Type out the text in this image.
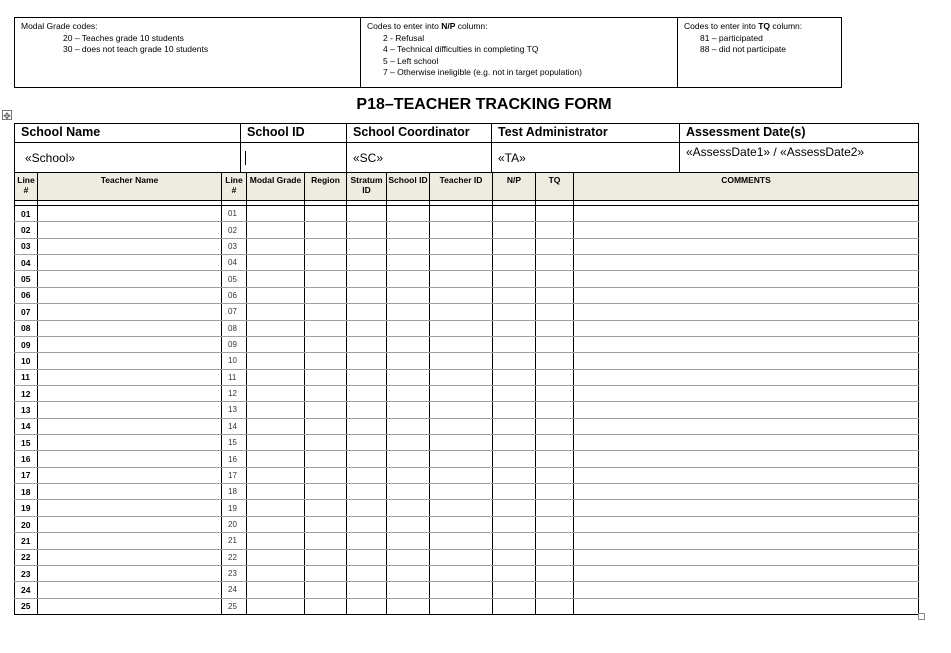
Modal Grade codes:
20 – Teaches grade 10 students
30 – does not teach grade 10 students
Codes to enter into N/P column:
2 - Refusal
4 – Technical difficulties in completing TQ
5 – Left school
7 – Otherwise ineligible (e.g. not in target population)
Codes to enter into TQ column:
81 – participated
88 – did not participate
✥
P18–TEACHER TRACKING FORM
School Name	School ID	School Coordinator	Test Administrator	Assessment Date(s)
«School»		«SC»	«TA»	«AssessDate1» / «AssessDate2»
Line #	Teacher Name	Line #	Modal Grade	Region	Stratum ID	School ID	Teacher ID	N/P	TQ	COMMENTS

01		01								
02		02								
03		03								
04		04								
05		05								
06		06								
07		07								
08		08								
09		09								
10		10								
11		11								
12		12								
13		13								
14		14								
15		15								
16		16								
17		17								
18		18								
19		19								
20		20								
21		21								
22		22								
23		23								
24		24								
25		25								
